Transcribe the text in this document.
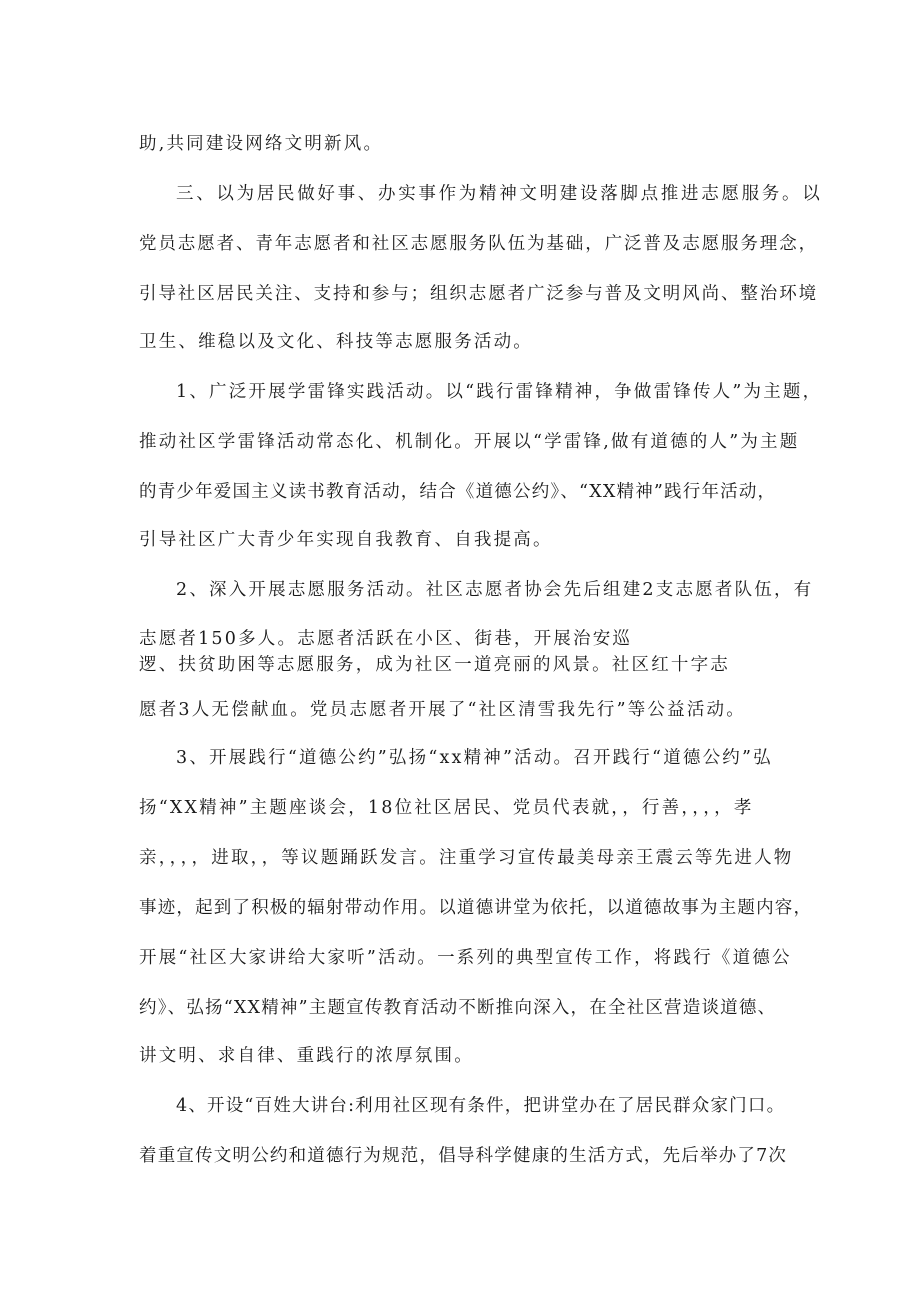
助,共同建设网络文明新风。
三、以为居民做好事、办实事作为精神文明建设落脚点推进志愿服务。以
党员志愿者、青年志愿者和社区志愿服务队伍为基础，广泛普及志愿服务理念，
引导社区居民关注、支持和参与；组织志愿者广泛参与普及文明风尚、整治环境
卫生、维稳以及文化、科技等志愿服务活动。
1、广泛开展学雷锋实践活动。以“践行雷锋精神，争做雷锋传人”为主题，
推动社区学雷锋活动常态化、机制化。开展以“学雷锋,做有道德的人”为主题
的青少年爱国主义读书教育活动，结合《道德公约》、“XX精神”践行年活动，
引导社区广大青少年实现自我教育、自我提高。
2、深入开展志愿服务活动。社区志愿者协会先后组建2支志愿者队伍，有
志愿者150多人。志愿者活跃在小区、街巷，开展治安巡
逻、扶贫助困等志愿服务，成为社区一道亮丽的风景。社区红十字志
愿者3人无偿献血。党员志愿者开展了“社区清雪我先行”等公益活动。
3、开展践行“道德公约”弘扬“xx精神”活动。召开践行“道德公约”弘
扬“XX精神”主题座谈会，18位社区居民、党员代表就，，行善，，，，孝
亲，，，，进取，，等议题踊跃发言。注重学习宣传最美母亲王震云等先进人物
事迹，起到了积极的辐射带动作用。以道德讲堂为依托，以道德故事为主题内容，
开展“社区大家讲给大家听”活动。一系列的典型宣传工作，将践行《道德公
约》、弘扬“XX精神”主题宣传教育活动不断推向深入，在全社区营造谈道德、
讲文明、求自律、重践行的浓厚氛围。
4、开设“百姓大讲台:利用社区现有条件，把讲堂办在了居民群众家门口。
着重宣传文明公约和道德行为规范，倡导科学健康的生活方式，先后举办了7次
